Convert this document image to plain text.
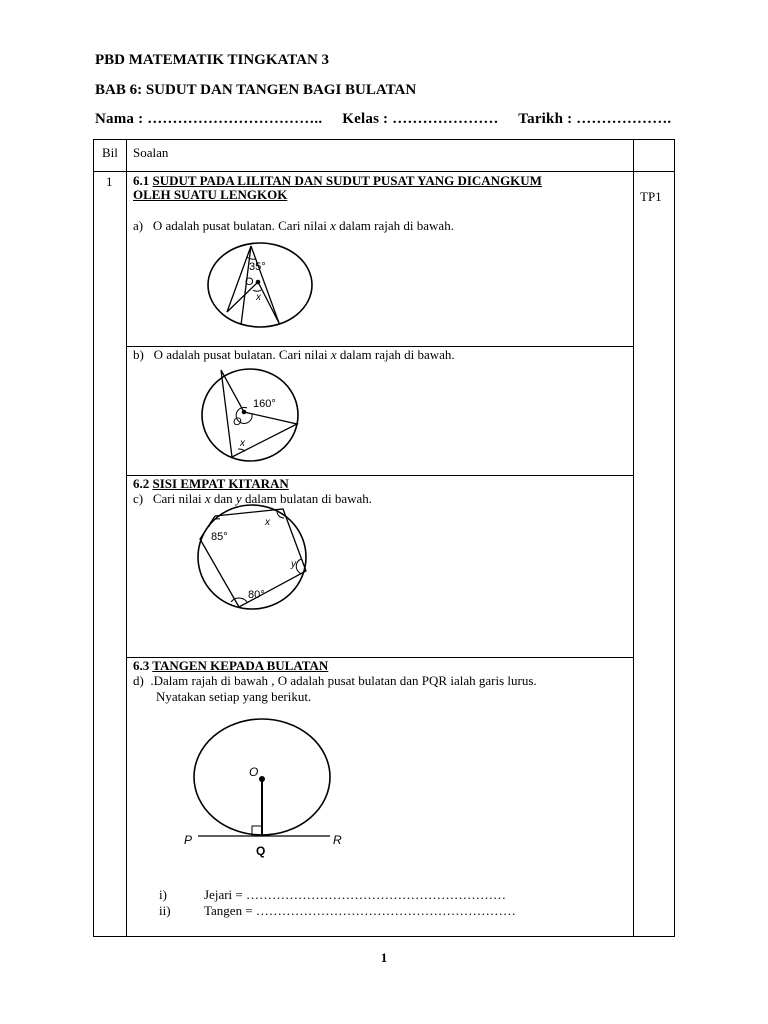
PBD MATEMATIK TINGKATAN 3
BAB 6: SUDUT DAN TANGEN BAGI BULATAN
Nama : …………………………….. Kelas : ………………… Tarikh : ……………….
Bil Soalan
1
TP1
6.1 SUDUT PADA LILITAN DAN SUDUT PUSAT YANG DICANGKUM
OLEH SUATU LENGKOK
a) O adalah pusat bulatan. Cari nilai x dalam rajah di bawah.
35°
O
x
b) O adalah pusat bulatan. Cari nilai x dalam rajah di bawah.
160°
O
x
6.2 SISI EMPAT KITARAN
c) Cari nilai x dan y dalam bulatan di bawah.
85°
80°
x
y
6.3 TANGEN KEPADA BULATAN
d) .Dalam rajah di bawah , O adalah pusat bulatan dan PQR ialah garis lurus.
Nyatakan setiap yang berikut.
O
P
Q
R
i)	Jejari = ……………………………………………………
ii)	Tangen = ……………………………………………………
1
